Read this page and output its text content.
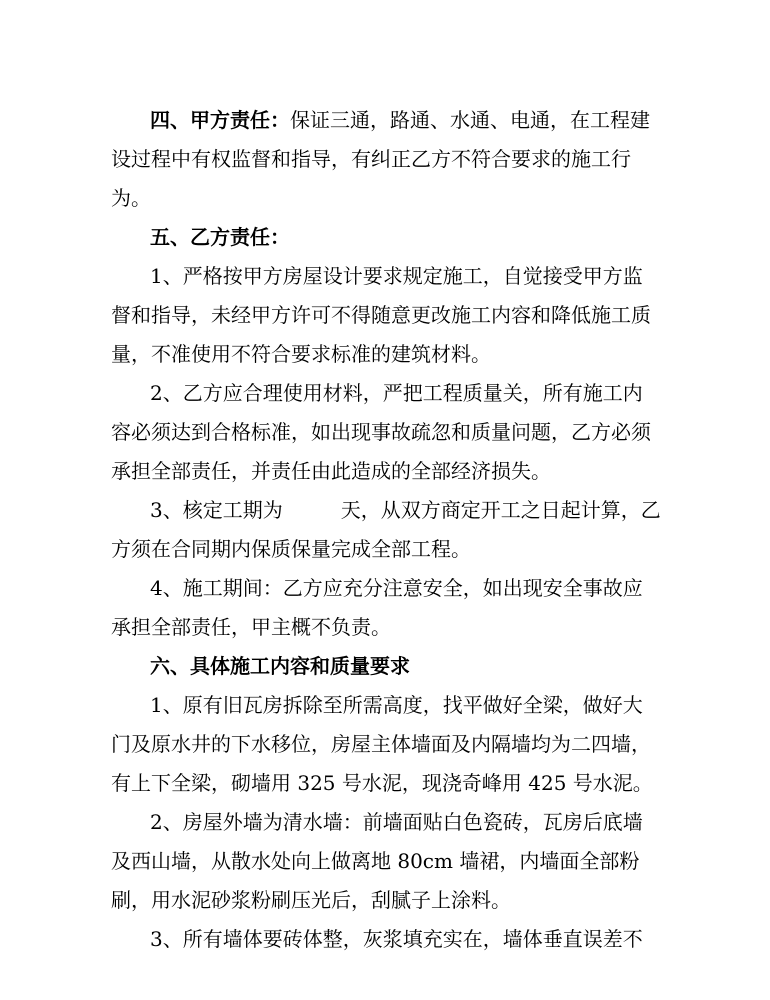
四、甲方责任：保证三通，路通、水通、电通，在工程建
设过程中有权监督和指导，有纠正乙方不符合要求的施工行
为。
五、乙方责任：
1、严格按甲方房屋设计要求规定施工，自觉接受甲方监
督和指导，未经甲方许可不得随意更改施工内容和降低施工质
量，不准使用不符合要求标准的建筑材料。
2、乙方应合理使用材料，严把工程质量关，所有施工内
容必须达到合格标准，如出现事故疏忽和质量问题，乙方必须
承担全部责任，并责任由此造成的全部经济损失。
3、核定工期为	天，从双方商定开工之日起计算，乙
方须在合同期内保质保量完成全部工程。
4、施工期间：乙方应充分注意安全，如出现安全事故应
承担全部责任，甲主概不负责。
六、具体施工内容和质量要求
1、原有旧瓦房拆除至所需高度，找平做好全梁，做好大
门及原水井的下水移位，房屋主体墙面及内隔墙均为二四墙，
有上下全梁，砌墙用 325 号水泥，现浇奇峰用 425 号水泥。
2、房屋外墙为清水墙：前墙面贴白色瓷砖，瓦房后底墙
及西山墙，从散水处向上做离地 80cm 墙裙，内墙面全部粉
刷，用水泥砂浆粉刷压光后，刮腻子上涂料。
3、所有墙体要砖体整，灰浆填充实在，墙体垂直误差不
